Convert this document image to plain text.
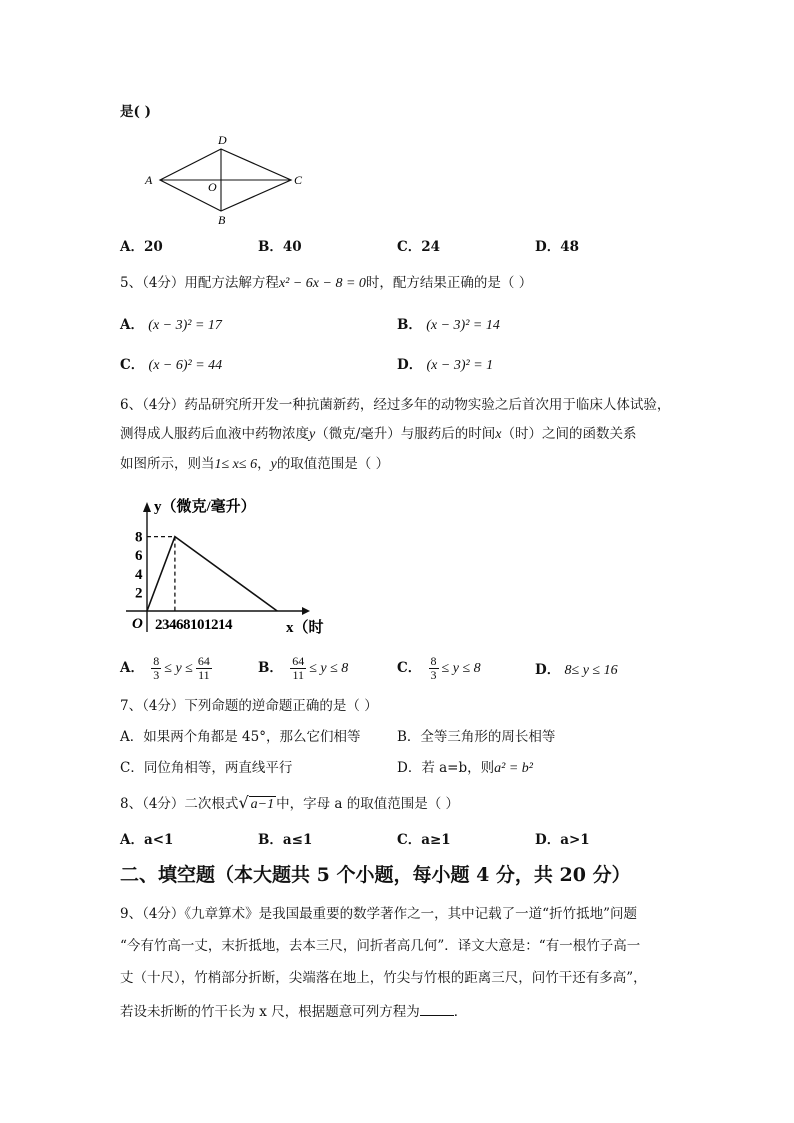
是( )
A
D
C
B
O
A．20	B．40	C．24	D．48
5、（4分）用配方法解方程x² − 6x − 8 = 0时，配方结果正确的是（ ）
A． (x − 3)² = 17	B． (x − 3)² = 14
C． (x − 6)² = 44	D． (x − 3)² = 1
6、（4分）药品研究所开发一种抗菌新药，经过多年的动物实验之后首次用于临床人体试验，
测得成人服药后血液中药物浓度y（微克/毫升）与服药后的时间x（时）之间的函数关系
如图所示，则当1≤ x≤ 6，y的取值范围是（ ）
y（微克/毫升）
x（时
O
2
4
6
8
23468101214
A． $\frac{8}{3} \le y \le \frac{64}{11}$	B． $\frac{64}{11} \le y \le 8$	C． $\frac{8}{3} \le y \le 8$	D． 8≤ y ≤ 16
7、（4分）下列命题的逆命题正确的是（ ）
A．如果两个角都是 45°，那么它们相等	B．全等三角形的周长相等
C．同位角相等，两直线平行	D．若 a=b，则a² = b²
8、（4分）二次根式√ a−1 中，字母 a 的取值范围是（ ）
A．a<1	B．a≤1	C．a≥1	D．a>1
二、填空题（本大题共 5 个小题，每小题 4 分，共 20 分）
9、（4分）《九章算术》是我国最重要的数学著作之一，其中记载了一道“折竹抵地”问题
“今有竹高一丈，末折抵地，去本三尺，问折者高几何”．译文大意是：“有一根竹子高一
丈（十尺），竹梢部分折断，尖端落在地上，竹尖与竹根的距离三尺，问竹干还有多高”，
若设未折断的竹干长为 x 尺，根据题意可列方程为	．
